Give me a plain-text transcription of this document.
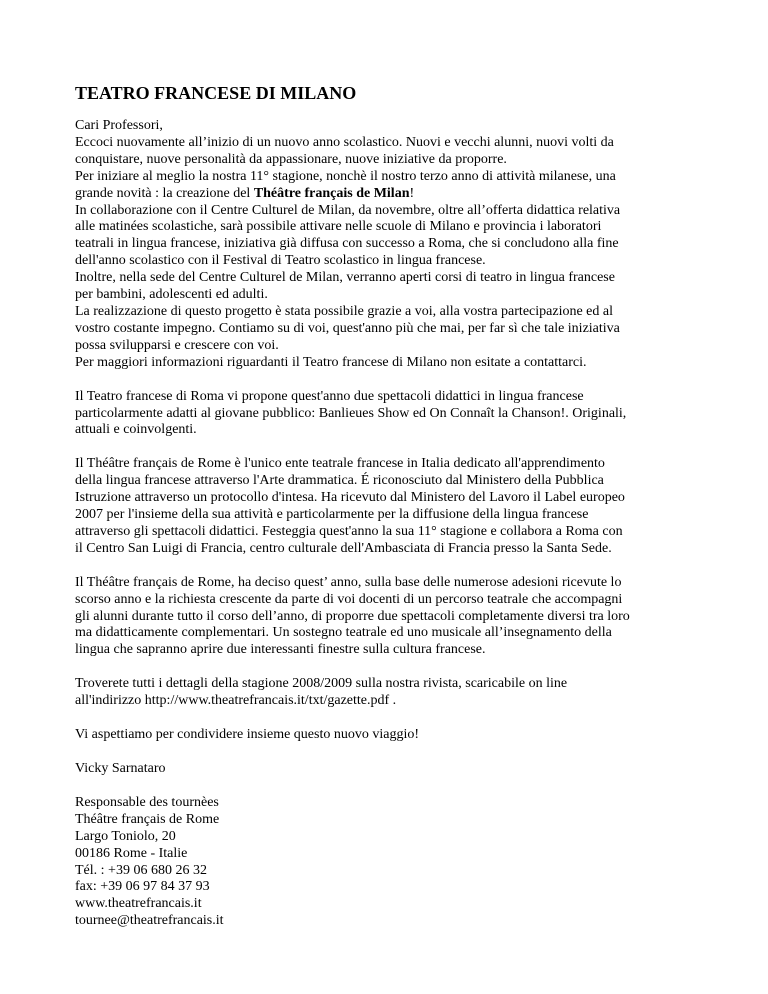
TEATRO FRANCESE DI MILANO
Cari Professori,
Eccoci nuovamente all’inizio di un nuovo anno scolastico. Nuovi e vecchi alunni, nuovi volti da
conquistare, nuove personalità da appassionare, nuove iniziative da proporre.
Per iniziare al meglio la nostra 11° stagione, nonchè il nostro terzo anno di attività milanese, una
grande novità : la creazione del Théâtre français de Milan!
In collaborazione con il Centre Culturel de Milan, da novembre, oltre all’offerta didattica relativa
alle matinées scolastiche, sarà possibile attivare nelle scuole di Milano e provincia i laboratori
teatrali in lingua francese, iniziativa già diffusa con successo a Roma, che si concludono alla fine
dell'anno scolastico con il Festival di Teatro scolastico in lingua francese.
Inoltre, nella sede del Centre Culturel de Milan, verranno aperti corsi di teatro in lingua francese
per bambini, adolescenti ed adulti.
La realizzazione di questo progetto è stata possibile grazie a voi, alla vostra partecipazione ed al
vostro costante impegno. Contiamo su di voi, quest'anno più che mai, per far sì che tale iniziativa
possa svilupparsi e crescere con voi.
Per maggiori informazioni riguardanti il Teatro francese di Milano non esitate a contattarci.
Il Teatro francese di Roma vi propone quest'anno due spettacoli didattici in lingua francese
particolarmente adatti al giovane pubblico: Banlieues Show ed On Connaît la Chanson!. Originali,
attuali e coinvolgenti.
Il Théâtre français de Rome è l'unico ente teatrale francese in Italia dedicato all'apprendimento
della lingua francese attraverso l'Arte drammatica. É riconosciuto dal Ministero della Pubblica
Istruzione attraverso un protocollo d'intesa. Ha ricevuto dal Ministero del Lavoro il Label europeo
2007 per l'insieme della sua attività e particolarmente per la diffusione della lingua francese
attraverso gli spettacoli didattici. Festeggia quest'anno la sua 11° stagione e collabora a Roma con
il Centro San Luigi di Francia, centro culturale dell'Ambasciata di Francia presso la Santa Sede.
Il Théâtre français de Rome, ha deciso quest’ anno, sulla base delle numerose adesioni ricevute lo
scorso anno e la richiesta crescente da parte di voi docenti di un percorso teatrale che accompagni
gli alunni durante tutto il corso dell’anno, di proporre due spettacoli completamente diversi tra loro
ma didatticamente complementari. Un sostegno teatrale ed uno musicale all’insegnamento della
lingua che sapranno aprire due interessanti finestre sulla cultura francese.
Troverete tutti i dettagli della stagione 2008/2009 sulla nostra rivista, scaricabile on line
all'indirizzo http://www.theatrefrancais.it/txt/gazette.pdf .
Vi aspettiamo per condividere insieme questo nuovo viaggio!
Vicky Sarnataro
Responsable des tournèes
Théâtre français de Rome
Largo Toniolo, 20
00186 Rome - Italie
Tél. : +39 06 680 26 32
fax: +39 06 97 84 37 93
www.theatrefrancais.it
tournee@theatrefrancais.it
